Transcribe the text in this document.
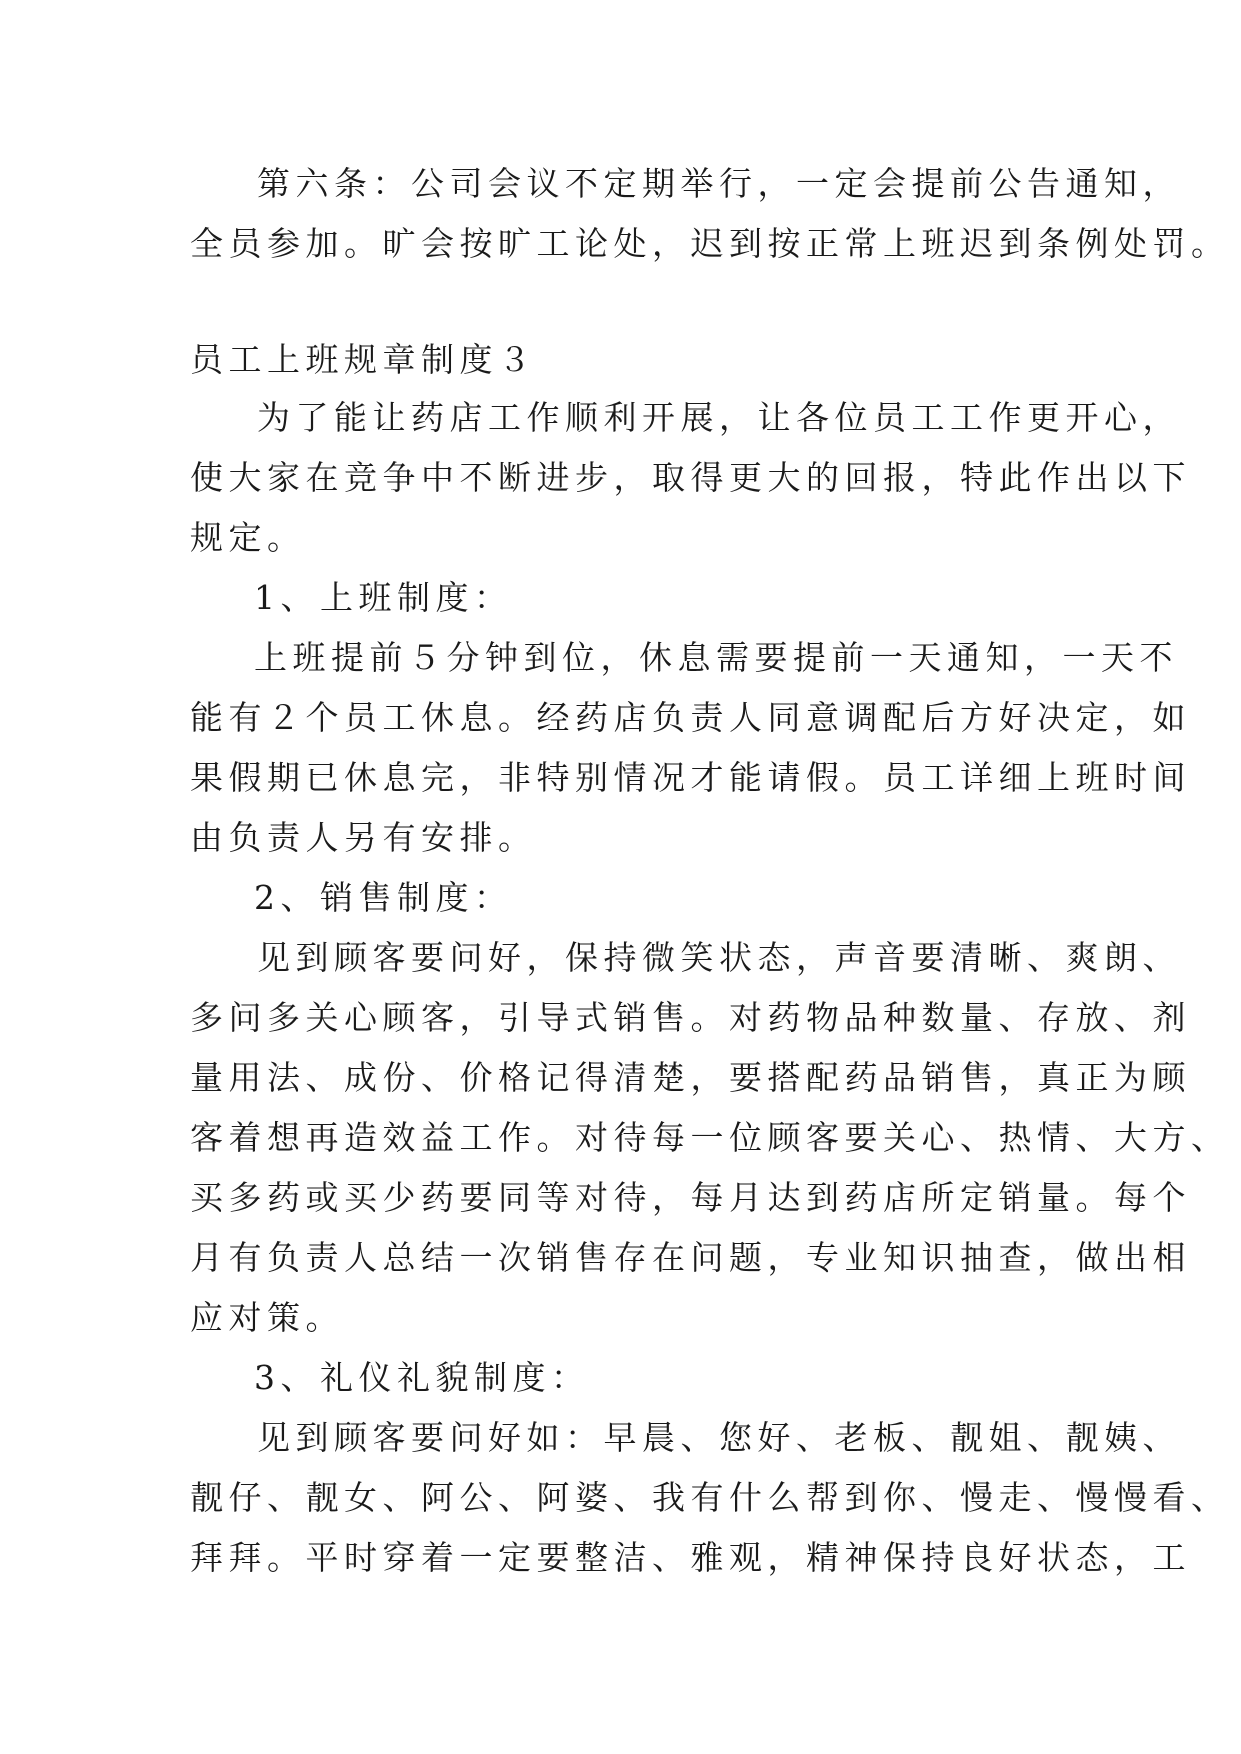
第六条：公司会议不定期举行，一定会提前公告通知，
全员参加。旷会按旷工论处，迟到按正常上班迟到条例处罚。
员工上班规章制度３
为了能让药店工作顺利开展，让各位员工工作更开心，
使大家在竞争中不断进步，取得更大的回报，特此作出以下
规定。
1、 上班制度：
上班提前５分钟到位，休息需要提前一天通知，一天不
能有２个员工休息。经药店负责人同意调配后方好决定，如
果假期已休息完，非特别情况才能请假。员工详细上班时间
由负责人另有安排。
2、 销售制度：
见到顾客要问好，保持微笑状态，声音要清晰、爽朗、
多问多关心顾客，引导式销售。对药物品种数量、存放、剂
量用法、成份、价格记得清楚，要搭配药品销售，真正为顾
客着想再造效益工作。对待每一位顾客要关心、热情、大方、
买多药或买少药要同等对待，每月达到药店所定销量。每个
月有负责人总结一次销售存在问题，专业知识抽查，做出相
应对策。
3、 礼仪礼貌制度：
见到顾客要问好如：早晨、您好、老板、靓姐、靓姨、
靓仔、靓女、阿公、阿婆、我有什么帮到你、慢走、慢慢看、
拜拜。平时穿着一定要整洁、雅观，精神保持良好状态，工
